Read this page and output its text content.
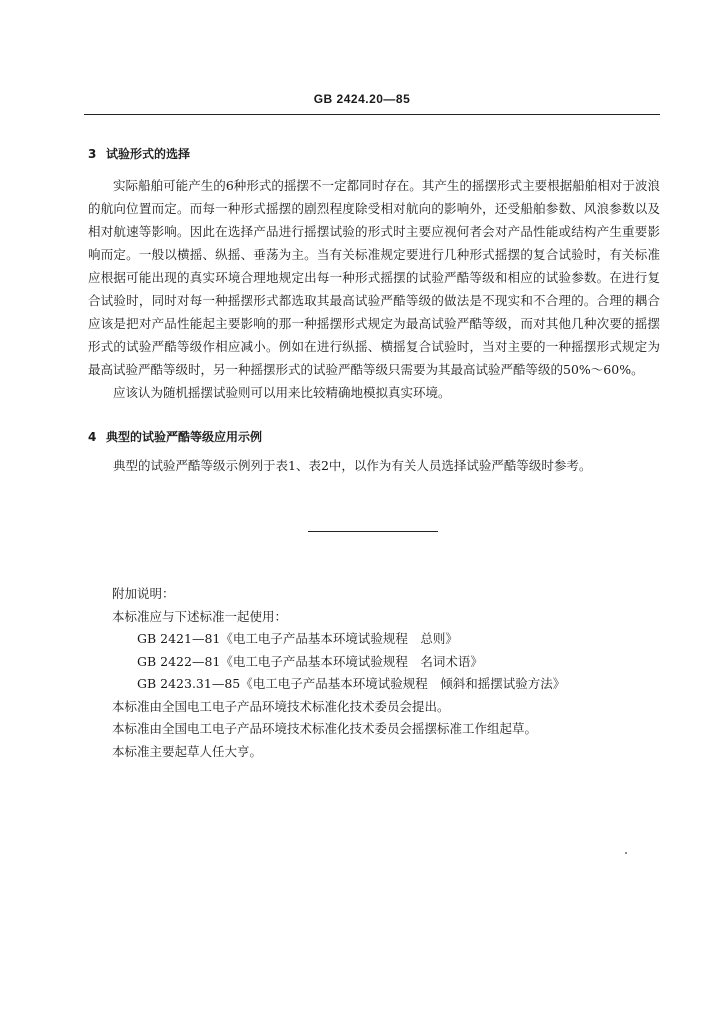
GB 2424.20—85
3 试验形式的选择

实际船舶可能产生的6种形式的摇摆不一定都同时存在。其产生的摇摆形式主要根据船舶相对于波浪的航向位置而定。而每一种形式摇摆的剧烈程度除受相对航向的影响外，还受船舶参数、风浪参数以及相对航速等影响。因此在选择产品进行摇摆试验的形式时主要应视何者会对产品性能或结构产生重要影响而定。一般以横摇、纵摇、垂荡为主。当有关标准规定要进行几种形式摇摆的复合试验时，有关标准应根据可能出现的真实环境合理地规定出每一种形式摇摆的试验严酷等级和相应的试验参数。在进行复合试验时，同时对每一种摇摆形式都选取其最高试验严酷等级的做法是不现实和不合理的。合理的耦合应该是把对产品性能起主要影响的那一种摇摆形式规定为最高试验严酷等级，而对其他几种次要的摇摆形式的试验严酷等级作相应减小。例如在进行纵摇、横摇复合试验时，当对主要的一种摇摆形式规定为最高试验严酷等级时，另一种摇摆形式的试验严酷等级只需要为其最高试验严酷等级的50%～60%。

应该认为随机摇摆试验则可以用来比较精确地模拟真实环境。

4 典型的试验严酷等级应用示例

典型的试验严酷等级示例列于表1、表2中，以作为有关人员选择试验严酷等级时参考。

附加说明：

本标准应与下述标准一起使用：

GB 2421—81《电工电子产品基本环境试验规程　总则》

GB 2422—81《电工电子产品基本环境试验规程　名词术语》

GB 2423.31—85《电工电子产品基本环境试验规程　倾斜和摇摆试验方法》

本标准由全国电工电子产品环境技术标准化技术委员会提出。

本标准由全国电工电子产品环境技术标准化技术委员会摇摆标准工作组起草。

本标准主要起草人任大亨。
